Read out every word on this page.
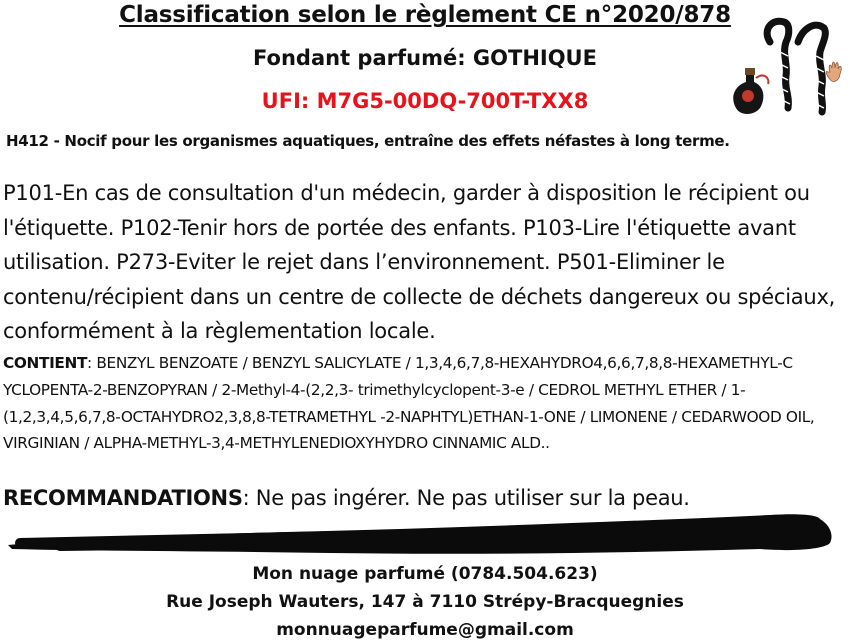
Classification selon le règlement CE n°2020/878
Fondant parfumé: GOTHIQUE
UFI: M7G5-00DQ-700T-TXX8
H412 - Nocif pour les organismes aquatiques, entraîne des effets néfastes à long terme.
P101-En cas de consultation d'un médecin, garder à disposition le récipient ou l'étiquette. P102-Tenir hors de portée des enfants. P103-Lire l'étiquette avant utilisation. P273-Eviter le rejet dans l’environnement. P501-Eliminer le contenu/récipient dans un centre de collecte de déchets dangereux ou spéciaux, conformément à la règlementation locale.
CONTIENT: BENZYL BENZOATE / BENZYL SALICYLATE / 1,3,4,6,7,8-HEXAHYDRO4,6,6,7,8,8-HEXAMETHYL-C YCLOPENTA-2-BENZOPYRAN / 2-Methyl-4-(2,2,3- trimethylcyclopent-3-e / CEDROL METHYL ETHER / 1-(1,2,3,4,5,6,7,8-OCTAHYDRO2,3,8,8-TETRAMETHYL -2-NAPHTYL)ETHAN-1-ONE / LIMONENE / CEDARWOOD OIL, VIRGINIAN / ALPHA-METHYL-3,4-METHYLENEDIOXYHYDRO CINNAMIC ALD..
RECOMMANDATIONS: Ne pas ingérer. Ne pas utiliser sur la peau.
Mon nuage parfumé (0784.504.623)
Rue Joseph Wauters, 147 à 7110 Strépy-Bracquegnies
monnuageparfume@gmail.com
